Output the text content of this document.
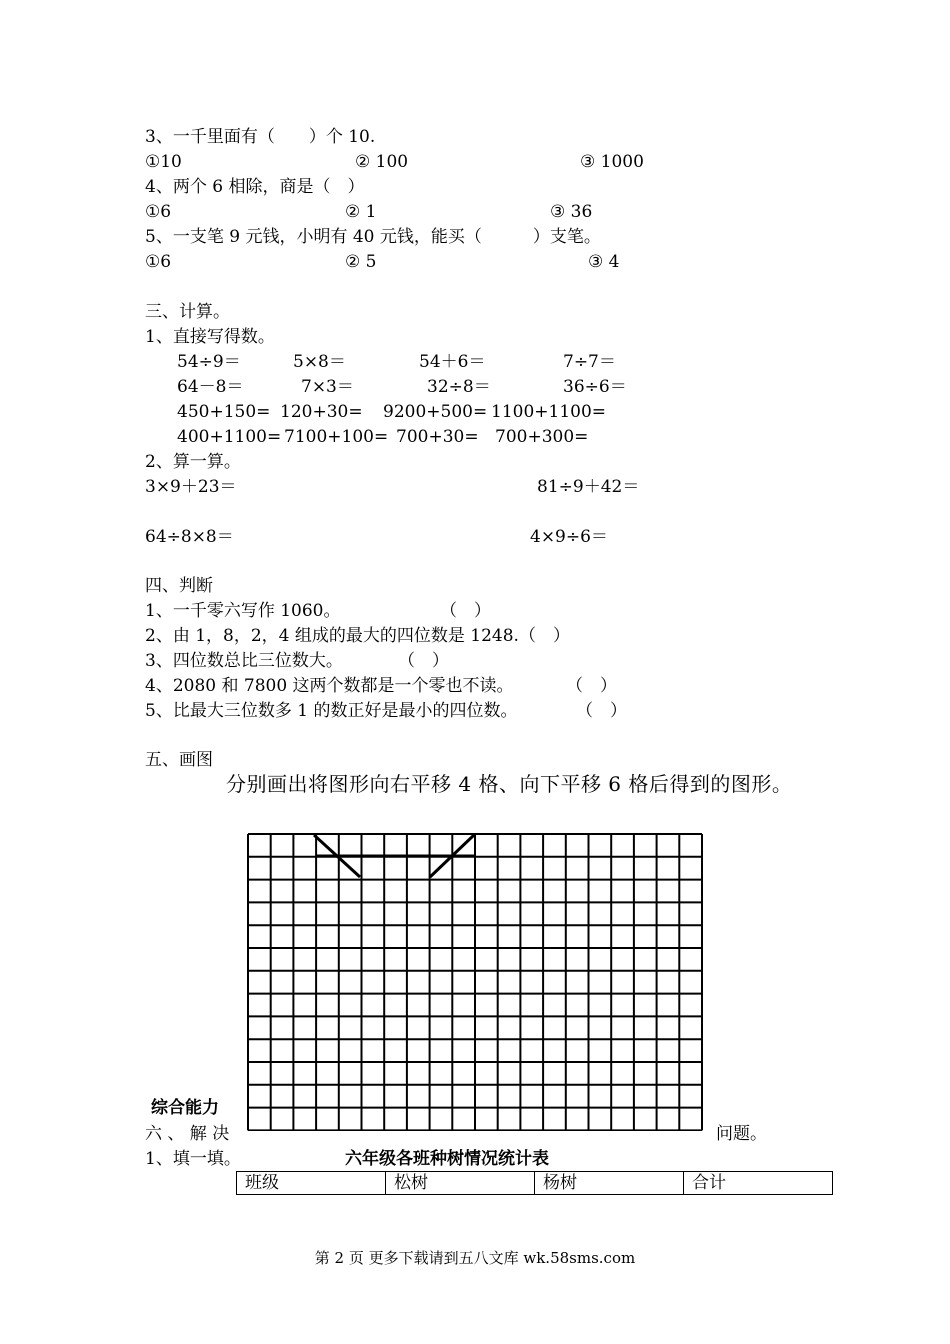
3、一千里面有（　　）个 10.
①10	② 100	③ 1000
4、两个 6 相除，商是（　）
①6	② 1	③ 36
5、一支笔 9 元钱，小明有 40 元钱，能买（　　　）支笔。
①6	② 5	③ 4
三、计算。
1、直接写得数。
54÷9＝	5×8＝	54＋6＝	7÷7＝
64－8＝	7×3＝	32÷8＝	36÷6＝
450+150= 120+30= 9200+500= 1100+1100=
400+1100= 7100+100= 700+30= 700+300=
2、算一算。
3×9＋23＝	81÷9＋42＝
64÷8×8＝	4×9÷6＝
四、判断
1、一千零六写作 1060。	（　）
2、由 1，8，2，4 组成的最大的四位数是 1248.（　）
3、四位数总比三位数大。	（　）
4、2080 和 7800 这两个数都是一个零也不读。	（　）
5、比最大三位数多 1 的数正好是最小的四位数。	（　）
五、画图
分别画出将图形向右平移 4 格、向下平移 6 格后得到的图形。
综合能力
六 、 解 决	问题。
1、填一填。	六年级各班种树情况统计表
班级	松树	杨树	合计
第 2 页 更多下载请到五八文库 wk.58sms.com
